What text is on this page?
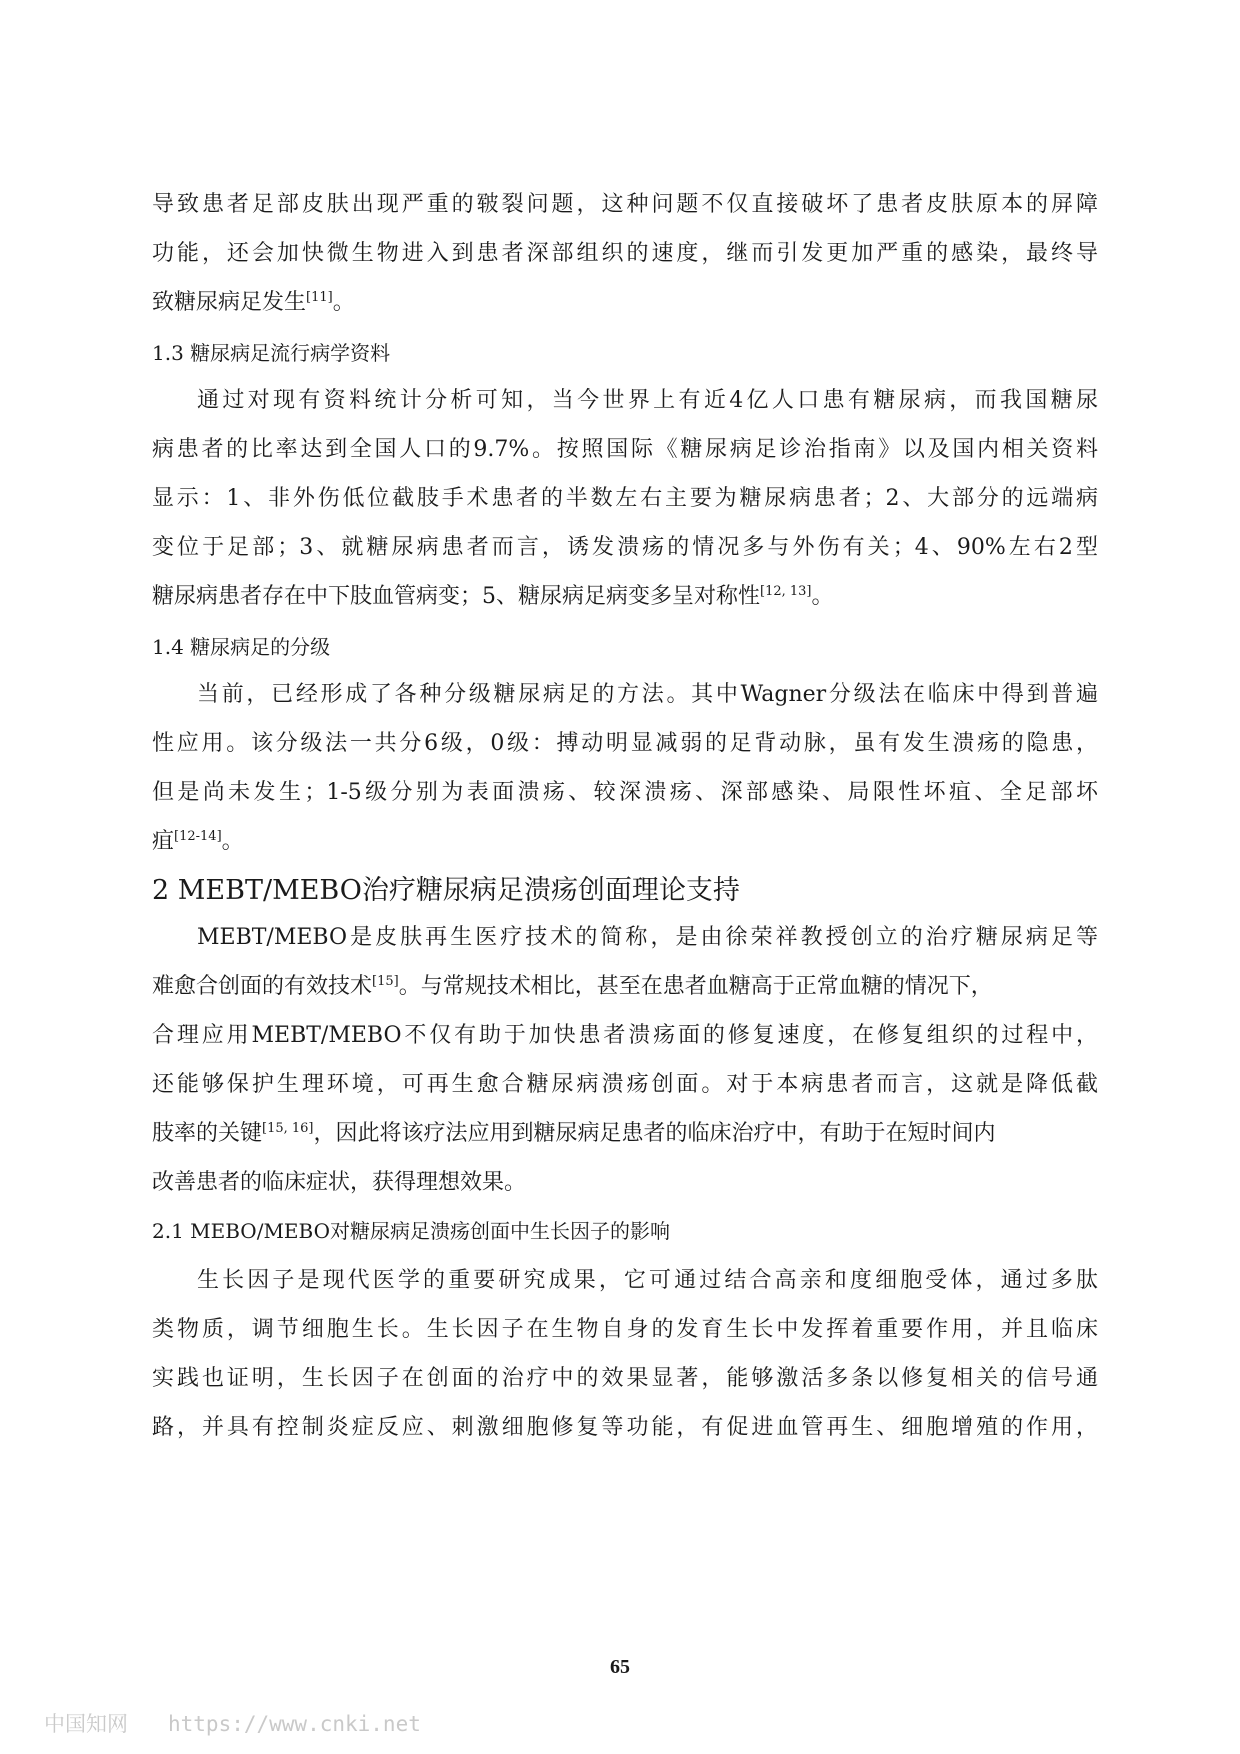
导致患者足部皮肤出现严重的皲裂问题，这种问题不仅直接破坏了患者皮肤原本的屏障
功能，还会加快微生物进入到患者深部组织的速度，继而引发更加严重的感染，最终导
致糖尿病足发生[11]。
1.3 糖尿病足流行病学资料
通过对现有资料统计分析可知，当今世界上有近4亿人口患有糖尿病，而我国糖尿
病患者的比率达到全国人口的9.7%。按照国际《糖尿病足诊治指南》以及国内相关资料
显示：1、非外伤低位截肢手术患者的半数左右主要为糖尿病患者；2、大部分的远端病
变位于足部；3、就糖尿病患者而言，诱发溃疡的情况多与外伤有关；4、90%左右2型
糖尿病患者存在中下肢血管病变；5、糖尿病足病变多呈对称性[12, 13]。
1.4 糖尿病足的分级
当前，已经形成了各种分级糖尿病足的方法。其中Wagner分级法在临床中得到普遍
性应用。该分级法一共分6级，0级：搏动明显减弱的足背动脉，虽有发生溃疡的隐患，
但是尚未发生；1-5级分别为表面溃疡、较深溃疡、深部感染、局限性坏疽、全足部坏
疽[12-14]。
2 MEBT/MEBO治疗糖尿病足溃疡创面理论支持
MEBT/MEBO是皮肤再生医疗技术的简称，是由徐荣祥教授创立的治疗糖尿病足等
难愈合创面的有效技术[15]。与常规技术相比，甚至在患者血糖高于正常血糖的情况下，
合理应用MEBT/MEBO不仅有助于加快患者溃疡面的修复速度，在修复组织的过程中，
还能够保护生理环境，可再生愈合糖尿病溃疡创面。对于本病患者而言，这就是降低截
肢率的关键[15, 16]，因此将该疗法应用到糖尿病足患者的临床治疗中，有助于在短时间内
改善患者的临床症状，获得理想效果。
2.1 MEBO/MEBO对糖尿病足溃疡创面中生长因子的影响
生长因子是现代医学的重要研究成果，它可通过结合高亲和度细胞受体，通过多肽
类物质，调节细胞生长。生长因子在生物自身的发育生长中发挥着重要作用，并且临床
实践也证明，生长因子在创面的治疗中的效果显著，能够激活多条以修复相关的信号通
路，并具有控制炎症反应、刺激细胞修复等功能，有促进血管再生、细胞增殖的作用，
65
中国知网 https://www.cnki.net
